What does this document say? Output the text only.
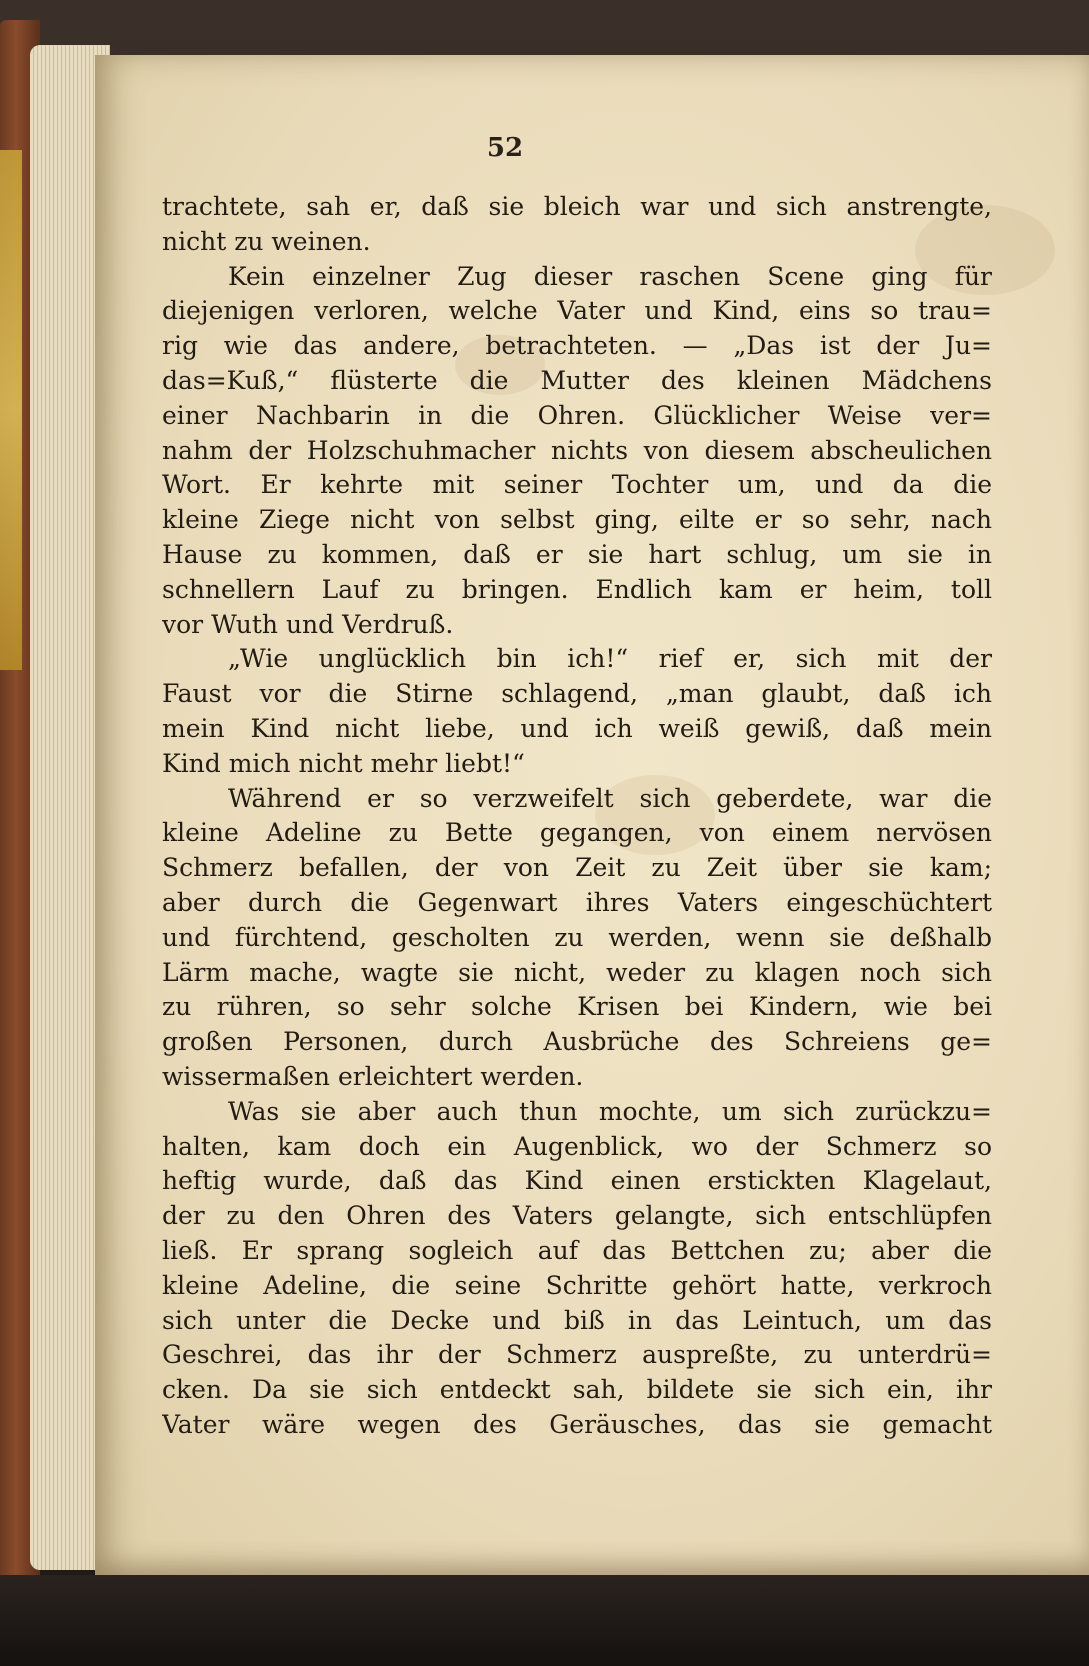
52

trachtete, sah er, daß sie bleich war und sich anstrengte,
nicht zu weinen.
Kein einzelner Zug dieser raschen Scene ging für
diejenigen verloren, welche Vater und Kind, eins so trau=
rig wie das andere, betrachteten. — „Das ist der Ju=
das=Kuß,“ flüsterte die Mutter des kleinen Mädchens
einer Nachbarin in die Ohren. Glücklicher Weise ver=
nahm der Holzschuhmacher nichts von diesem abscheulichen
Wort. Er kehrte mit seiner Tochter um, und da die
kleine Ziege nicht von selbst ging, eilte er so sehr, nach
Hause zu kommen, daß er sie hart schlug, um sie in
schnellern Lauf zu bringen. Endlich kam er heim, toll
vor Wuth und Verdruß.
„Wie unglücklich bin ich!“ rief er, sich mit der
Faust vor die Stirne schlagend, „man glaubt, daß ich
mein Kind nicht liebe, und ich weiß gewiß, daß mein
Kind mich nicht mehr liebt!“
Während er so verzweifelt sich geberdete, war die
kleine Adeline zu Bette gegangen, von einem nervösen
Schmerz befallen, der von Zeit zu Zeit über sie kam;
aber durch die Gegenwart ihres Vaters eingeschüchtert
und fürchtend, gescholten zu werden, wenn sie deßhalb
Lärm mache, wagte sie nicht, weder zu klagen noch sich
zu rühren, so sehr solche Krisen bei Kindern, wie bei
großen Personen, durch Ausbrüche des Schreiens ge=
wissermaßen erleichtert werden.
Was sie aber auch thun mochte, um sich zurückzu=
halten, kam doch ein Augenblick, wo der Schmerz so
heftig wurde, daß das Kind einen erstickten Klagelaut,
der zu den Ohren des Vaters gelangte, sich entschlüpfen
ließ. Er sprang sogleich auf das Bettchen zu; aber die
kleine Adeline, die seine Schritte gehört hatte, verkroch
sich unter die Decke und biß in das Leintuch, um das
Geschrei, das ihr der Schmerz auspreßte, zu unterdrü=
cken. Da sie sich entdeckt sah, bildete sie sich ein, ihr
Vater wäre wegen des Geräusches, das sie gemacht
